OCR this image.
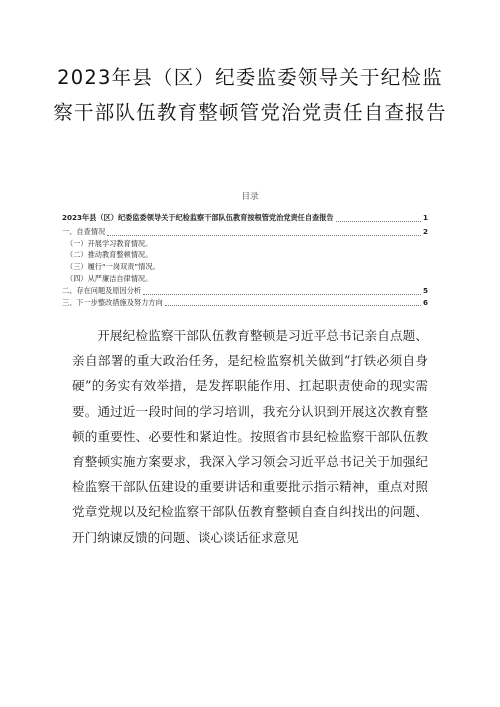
2023年县（区）纪委监委领导关于纪检监察干部队伍教育整顿管党治党责任自查报告
目录
2023年县（区）纪委监委领导关于纪检监察干部队伍教育按根管党治党责任自查报告	1
一、自查情况	2
（一）开展学习教育情况。
（二）推动教育整顿情况。
（三）履行“一岗双责”情况。
（四）从严廉洁自律情况。
二、存在问题及原因分析	5
三、下一步整改措施及努力方向	6

开展纪检监察干部队伍教育整顿是习近平总书记亲自点题、亲自部署的重大政治任务，是纪检监察机关做到“打铁必须自身硬”的务实有效举措，是发挥职能作用、扛起职责使命的现实需要。通过近一段时间的学习培训，我充分认识到开展这次教育整顿的重要性、必要性和紧迫性。按照省市县纪检监察干部队伍教育整顿实施方案要求，我深入学习领会习近平总书记关于加强纪检监察干部队伍建设的重要讲话和重要批示指示精神，重点对照党章党规以及纪检监察干部队伍教育整顿自查自纠找出的问题、开门纳谏反馈的问题、谈心谈话征求意见
